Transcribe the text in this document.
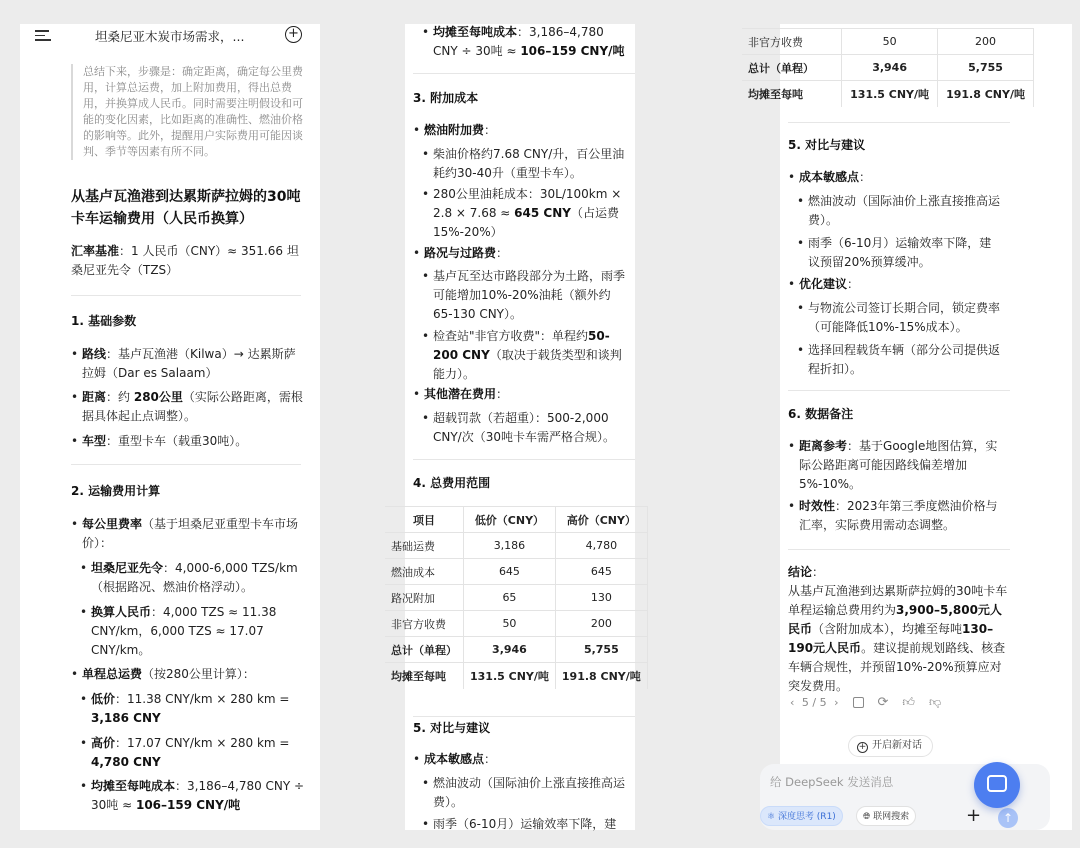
坦桑尼亚木炭市场需求，...	+
总结下来，步骤是：确定距离，确定每公里费用，计算总运费，加上附加费用，得出总费用，并换算成人民币。同时需要注明假设和可能的变化因素，比如距离的准确性、燃油价格的影响等。此外，提醒用户实际费用可能因谈判、季节等因素有所不同。
从基卢瓦渔港到达累斯萨拉姆的30吨卡车运输费用（人民币换算）
汇率基准：1 人民币（CNY）≈ 351.66 坦桑尼亚先令（TZS）
1. 基础参数
• 路线：基卢瓦渔港（Kilwa）→ 达累斯萨拉姆（Dar es Salaam）
• 距离：约 280公里（实际公路距离，需根据具体起止点调整）。
• 车型：重型卡车（载重30吨）。
2. 运输费用计算
• 每公里费率（基于坦桑尼亚重型卡车市场价）：
• 坦桑尼亚先令：4,000-6,000 TZS/km（根据路况、燃油价格浮动）。
• 换算人民币：4,000 TZS ≈ 11.38 CNY/km，6,000 TZS ≈ 17.07 CNY/km。
• 单程总运费（按280公里计算）：
• 低价：11.38 CNY/km × 280 km = 3,186 CNY
• 高价：17.07 CNY/km × 280 km = 4,780 CNY
• 均摊至每吨成本：3,186–4,780 CNY ÷ 30吨 ≈ 106–159 CNY/吨
• 均摊至每吨成本：3,186–4,780 CNY ÷ 30吨 ≈ 106–159 CNY/吨
3. 附加成本
• 燃油附加费：
• 柴油价格约7.68 CNY/升，百公里油耗约30-40升（重型卡车）。
• 280公里油耗成本：30L/100km × 2.8 × 7.68 ≈ 645 CNY（占运费15%-20%）
• 路况与过路费：
• 基卢瓦至达市路段部分为土路，雨季可能增加10%-20%油耗（额外约65-130 CNY）。
• 检查站"非官方收费"：单程约50-200 CNY（取决于载货类型和谈判能力）。
• 其他潜在费用：
• 超载罚款（若超重）：500-2,000 CNY/次（30吨卡车需严格合规）。
4. 总费用范围
5. 对比与建议
• 成本敏感点：
• 燃油波动（国际油价上涨直接推高运费）。
• 雨季（6-10月）运输效率下降，建
项目	低价（CNY）	高价（CNY）
基础运费	3,186	4,780
燃油成本	645	645
路况附加	65	130
非官方收费	50	200
总计（单程）	3,946	5,755
均摊至每吨	131.5 CNY/吨	191.8 CNY/吨
非官方收费	50	200
总计（单程）	3,946	5,755
均摊至每吨	131.5 CNY/吨	191.8 CNY/吨
5. 对比与建议
• 成本敏感点：
• 燃油波动（国际油价上涨直接推高运费）。
• 雨季（6-10月）运输效率下降，建议预留20%预算缓冲。
• 优化建议：
• 与物流公司签订长期合同，锁定费率（可能降低10%-15%成本）。
• 选择回程载货车辆（部分公司提供返程折扣）。
6. 数据备注
• 距离参考：基于Google地图估算，实际公路距离可能因路线偏差增加5%-10%。
• 时效性：2023年第三季度燃油价格与汇率，实际费用需动态调整。
结论：
从基卢瓦渔港到达累斯萨拉姆的30吨卡车单程运输总费用约为3,900–5,800元人民币（含附加成本），均摊至每吨130–190元人民币。建议提前规划路线、核查车辆合规性，并预留10%-20%预算应对突发费用。
‹ 5 / 5 ›	⟳ 👍︎ 👎︎
+ 开启新对话
给 DeepSeek 发送消息
⚛ 深度思考 (R1)	🌐︎ 联网搜索	+	↑
